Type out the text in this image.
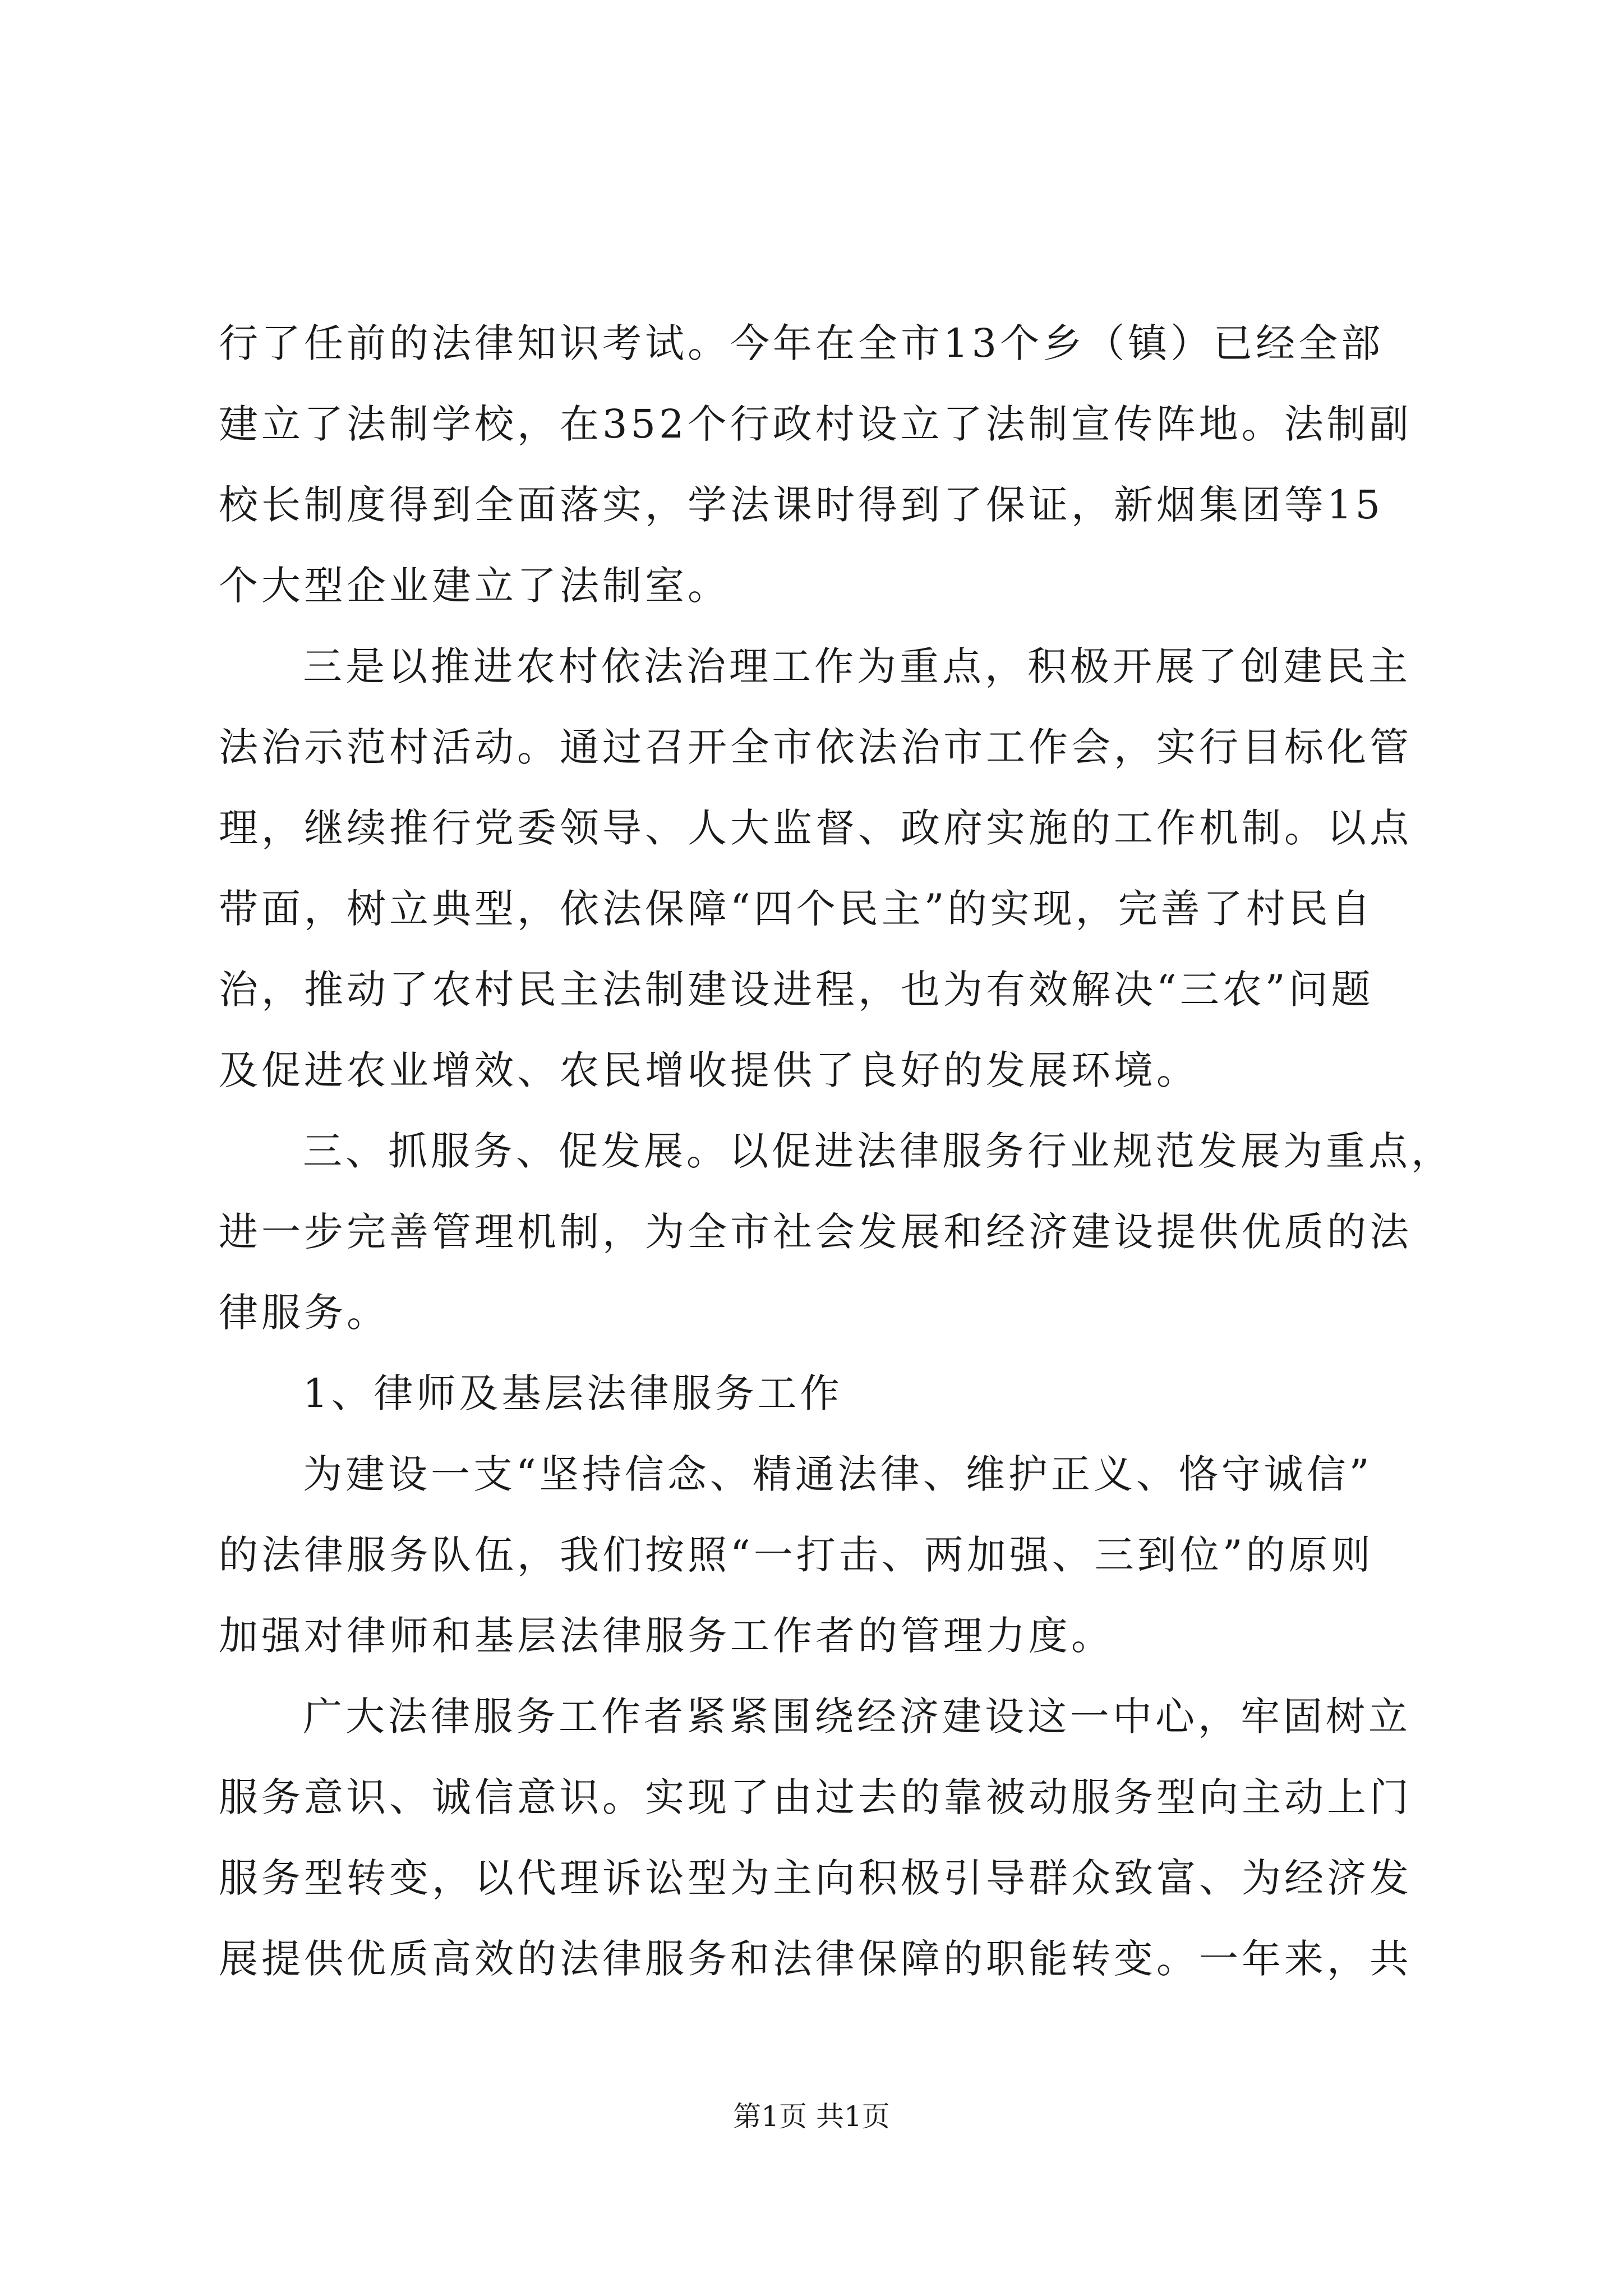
行了任前的法律知识考试。今年在全市13个乡（镇）已经全部
建立了法制学校，在352个行政村设立了法制宣传阵地。法制副
校长制度得到全面落实，学法课时得到了保证，新烟集团等15
个大型企业建立了法制室。
三是以推进农村依法治理工作为重点，积极开展了创建民主
法治示范村活动。通过召开全市依法治市工作会，实行目标化管
理，继续推行党委领导、人大监督、政府实施的工作机制。以点
带面，树立典型，依法保障“四个民主”的实现，完善了村民自
治，推动了农村民主法制建设进程，也为有效解决“三农”问题
及促进农业增效、农民增收提供了良好的发展环境。
三、抓服务、促发展。以促进法律服务行业规范发展为重点，
进一步完善管理机制，为全市社会发展和经济建设提供优质的法
律服务。
1、律师及基层法律服务工作
为建设一支“坚持信念、精通法律、维护正义、恪守诚信”
的法律服务队伍，我们按照“一打击、两加强、三到位”的原则
加强对律师和基层法律服务工作者的管理力度。
广大法律服务工作者紧紧围绕经济建设这一中心，牢固树立
服务意识、诚信意识。实现了由过去的靠被动服务型向主动上门
服务型转变，以代理诉讼型为主向积极引导群众致富、为经济发
展提供优质高效的法律服务和法律保障的职能转变。一年来，共
第1页 共1页
